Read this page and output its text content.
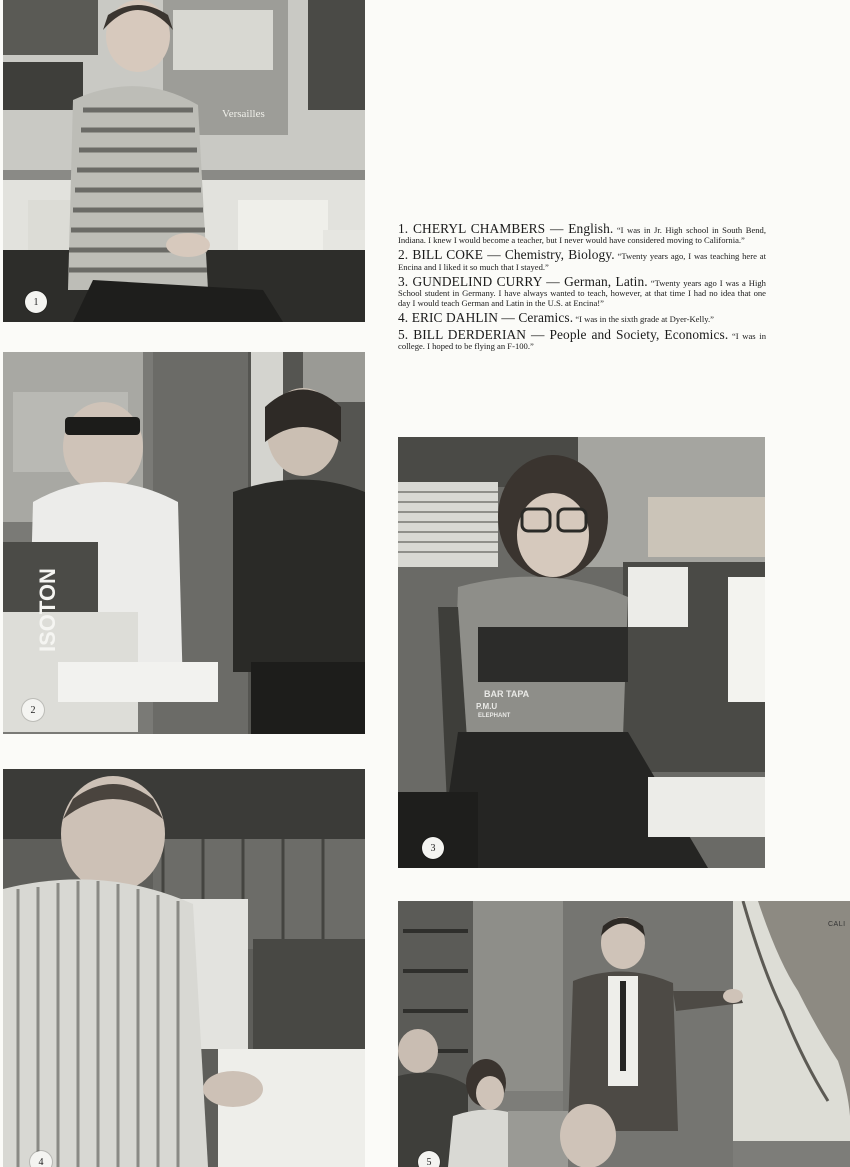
Versailles
1
ISOTON
2
4
BAR TAPA
P.M.U
ELEPHANT
3
CALI
5

1. CHERYL CHAMBERS — English. “I was in Jr. High school in South Bend, Indiana. I knew I would become a teacher, but I never would have considered moving to California.”

2. BILL COKE — Chemistry, Biology. “Twenty years ago, I was teaching here at Encina and I liked it so much that I stayed.”

3. GUNDELIND CURRY — German, Latin. “Twenty years ago I was a High School student in Germany. I have always wanted to teach, however, at that time I had no idea that one day I would teach German and Latin in the U.S. at Encina!”

4. ERIC DAHLIN — Ceramics. “I was in the sixth grade at Dyer-Kelly.”

5. BILL DERDERIAN — People and Society, Economics. “I was in college. I hoped to be flying an F-100.”
